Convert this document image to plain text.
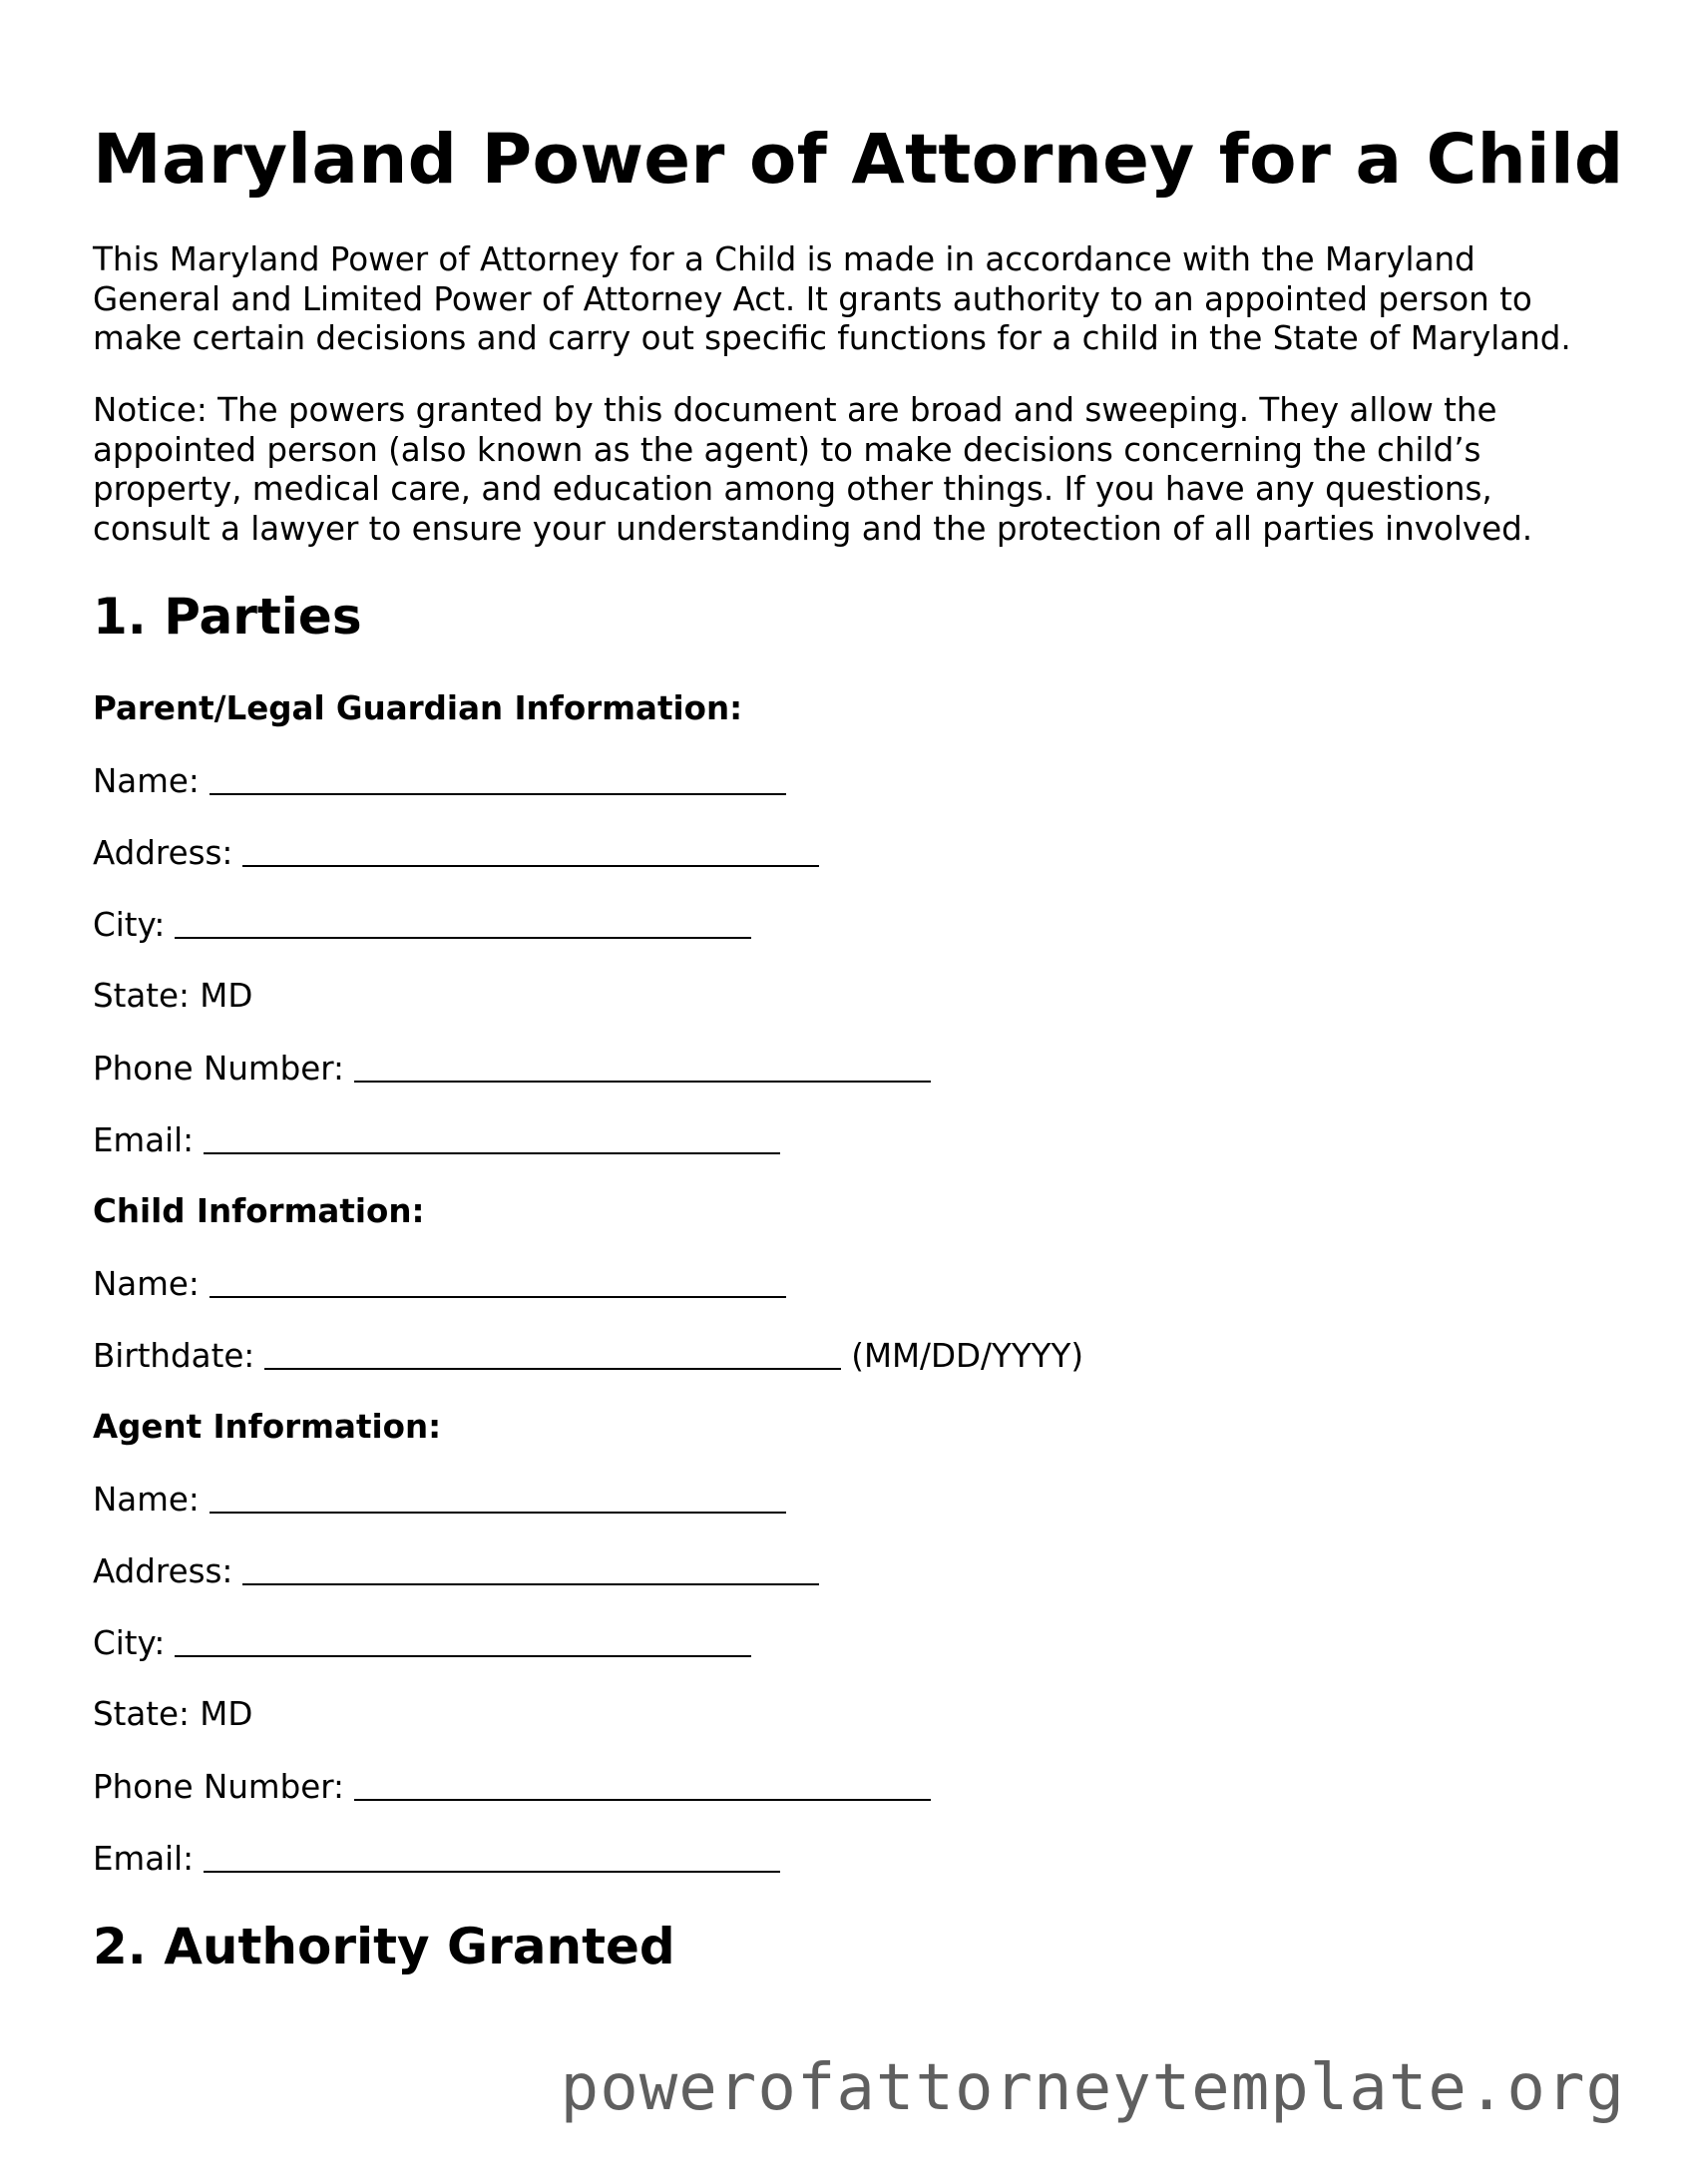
Maryland Power of Attorney for a Child

This Maryland Power of Attorney for a Child is made in accordance with the Maryland
General and Limited Power of Attorney Act. It grants authority to an appointed person to
make certain decisions and carry out specific functions for a child in the State of Maryland.

Notice: The powers granted by this document are broad and sweeping. They allow the
appointed person (also known as the agent) to make decisions concerning the child’s
property, medical care, and education among other things. If you have any questions,
consult a lawyer to ensure your understanding and the protection of all parties involved.

1. Parties
Parent/Legal Guardian Information:
Name:
Address:
City:
State: MD
Phone Number:
Email:
Child Information:
Name:
Birthdate:	(MM/DD/YYYY)
Agent Information:
Name:
Address:
City:
State: MD
Phone Number:
Email:
2. Authority Granted
powerofattorneytemplate.org
